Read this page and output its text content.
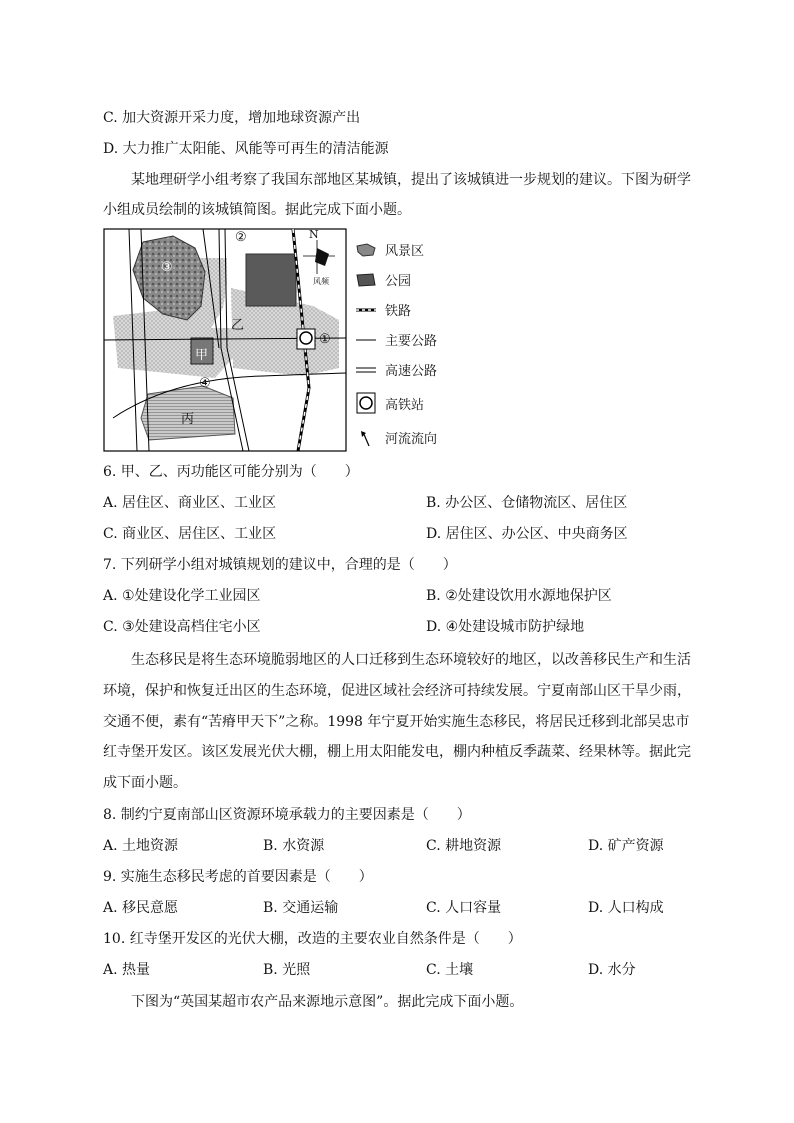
C. 加大资源开采力度，增加地球资源产出
D. 大力推广太阳能、风能等可再生的清洁能源
某地理研学小组考察了我国东部地区某城镇，提出了该城镇进一步规划的建议。下图为研学
小组成员绘制的该城镇简图。据此完成下面小题。
N
风频
②
③
①
④
乙
甲
丙
风景区
公园
铁路
主要公路
高速公路
高铁站
河流流向
6. 甲、乙、丙功能区可能分别为（　　）
A. 居住区、商业区、工业区	B. 办公区、仓储物流区、居住区
C. 商业区、居住区、工业区	D. 居住区、办公区、中央商务区
7. 下列研学小组对城镇规划的建议中，合理的是（　　）
A. ①处建设化学工业园区	B. ②处建设饮用水源地保护区
C. ③处建设高档住宅小区	D. ④处建设城市防护绿地
生态移民是将生态环境脆弱地区的人口迁移到生态环境较好的地区，以改善移民生产和生活
环境，保护和恢复迁出区的生态环境，促进区域社会经济可持续发展。宁夏南部山区干旱少雨，
交通不便，素有“苦瘠甲天下”之称。1998 年宁夏开始实施生态移民，将居民迁移到北部吴忠市
红寺堡开发区。该区发展光伏大棚，棚上用太阳能发电，棚内种植反季蔬菜、经果林等。据此完
成下面小题。
8. 制约宁夏南部山区资源环境承载力的主要因素是（　　）
A. 土地资源	B. 水资源	C. 耕地资源	D. 矿产资源
9. 实施生态移民考虑的首要因素是（　　）
A. 移民意愿	B. 交通运输	C. 人口容量	D. 人口构成
10. 红寺堡开发区的光伏大棚，改造的主要农业自然条件是（　　）
A. 热量	B. 光照	C. 土壤	D. 水分
下图为“英国某超市农产品来源地示意图”。据此完成下面小题。
